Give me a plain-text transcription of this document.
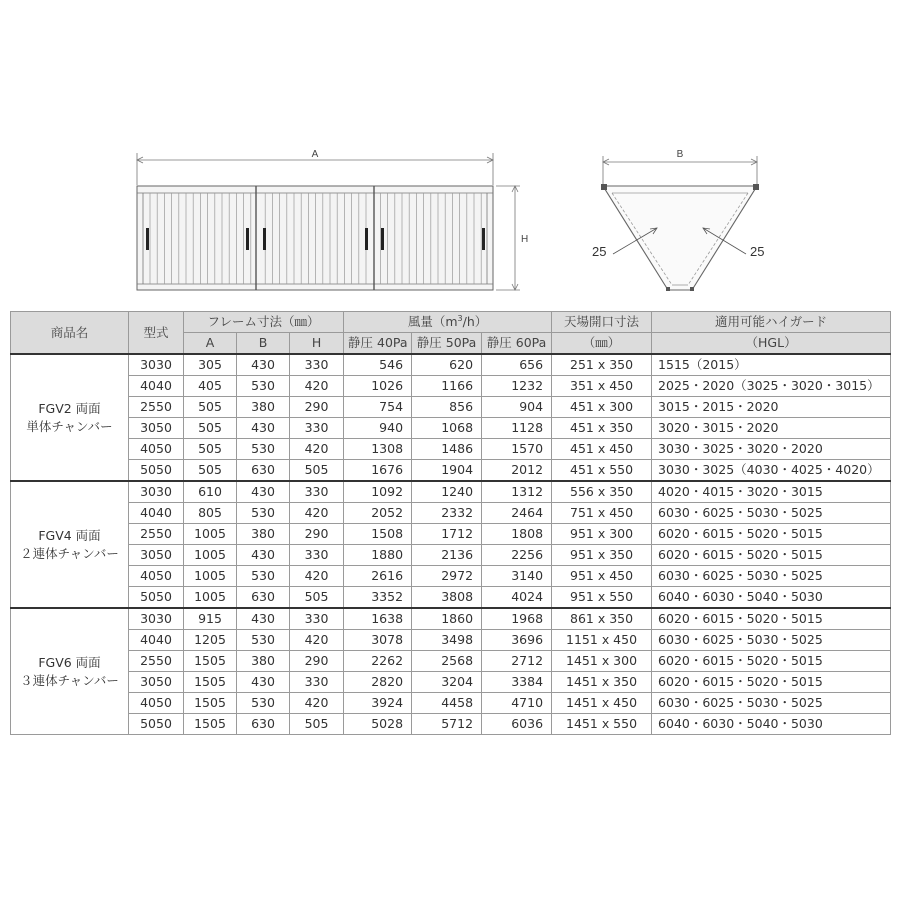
A
H
B
25	25
商品名	型式	フレーム寸法（㎜）			風量$(m^3/h)$			天場開口寸法	適用可能ハイガード
		A	B	H	静圧 40Pa	静圧 50Pa	静圧 60Pa	（㎜）	（HGL）
FGV2 両面
単体チャンバー	3030	305	430	330	546	620	656	251 x 350	1515（2015）
	4040	405	530	420	1026	1166	1232	351 x 450	2025・2020（3025・3020・3015）
	2550	505	380	290	754	856	904	451 x 300	3015・2015・2020
	3050	505	430	330	940	1068	1128	451 x 350	3020・3015・2020
	4050	505	530	420	1308	1486	1570	451 x 450	3030・3025・3020・2020
	5050	505	630	505	1676	1904	2012	451 x 550	3030・3025（4030・4025・4020）
FGV4 両面
２連体チャンバー	3030	610	430	330	1092	1240	1312	556 x 350	4020・4015・3020・3015
	4040	805	530	420	2052	2332	2464	751 x 450	6030・6025・5030・5025
	2550	1005	380	290	1508	1712	1808	951 x 300	6020・6015・5020・5015
	3050	1005	430	330	1880	2136	2256	951 x 350	6020・6015・5020・5015
	4050	1005	530	420	2616	2972	3140	951 x 450	6030・6025・5030・5025
	5050	1005	630	505	3352	3808	4024	951 x 550	6040・6030・5040・5030
FGV6 両面
３連体チャンバー	3030	915	430	330	1638	1860	1968	861 x 350	6020・6015・5020・5015
	4040	1205	530	420	3078	3498	3696	1151 x 450	6030・6025・5030・5025
	2550	1505	380	290	2262	2568	2712	1451 x 300	6020・6015・5020・5015
	3050	1505	430	330	2820	3204	3384	1451 x 350	6020・6015・5020・5015
	4050	1505	530	420	3924	4458	4710	1451 x 450	6030・6025・5030・5025
	5050	1505	630	505	5028	5712	6036	1451 x 550	6040・6030・5040・5030
